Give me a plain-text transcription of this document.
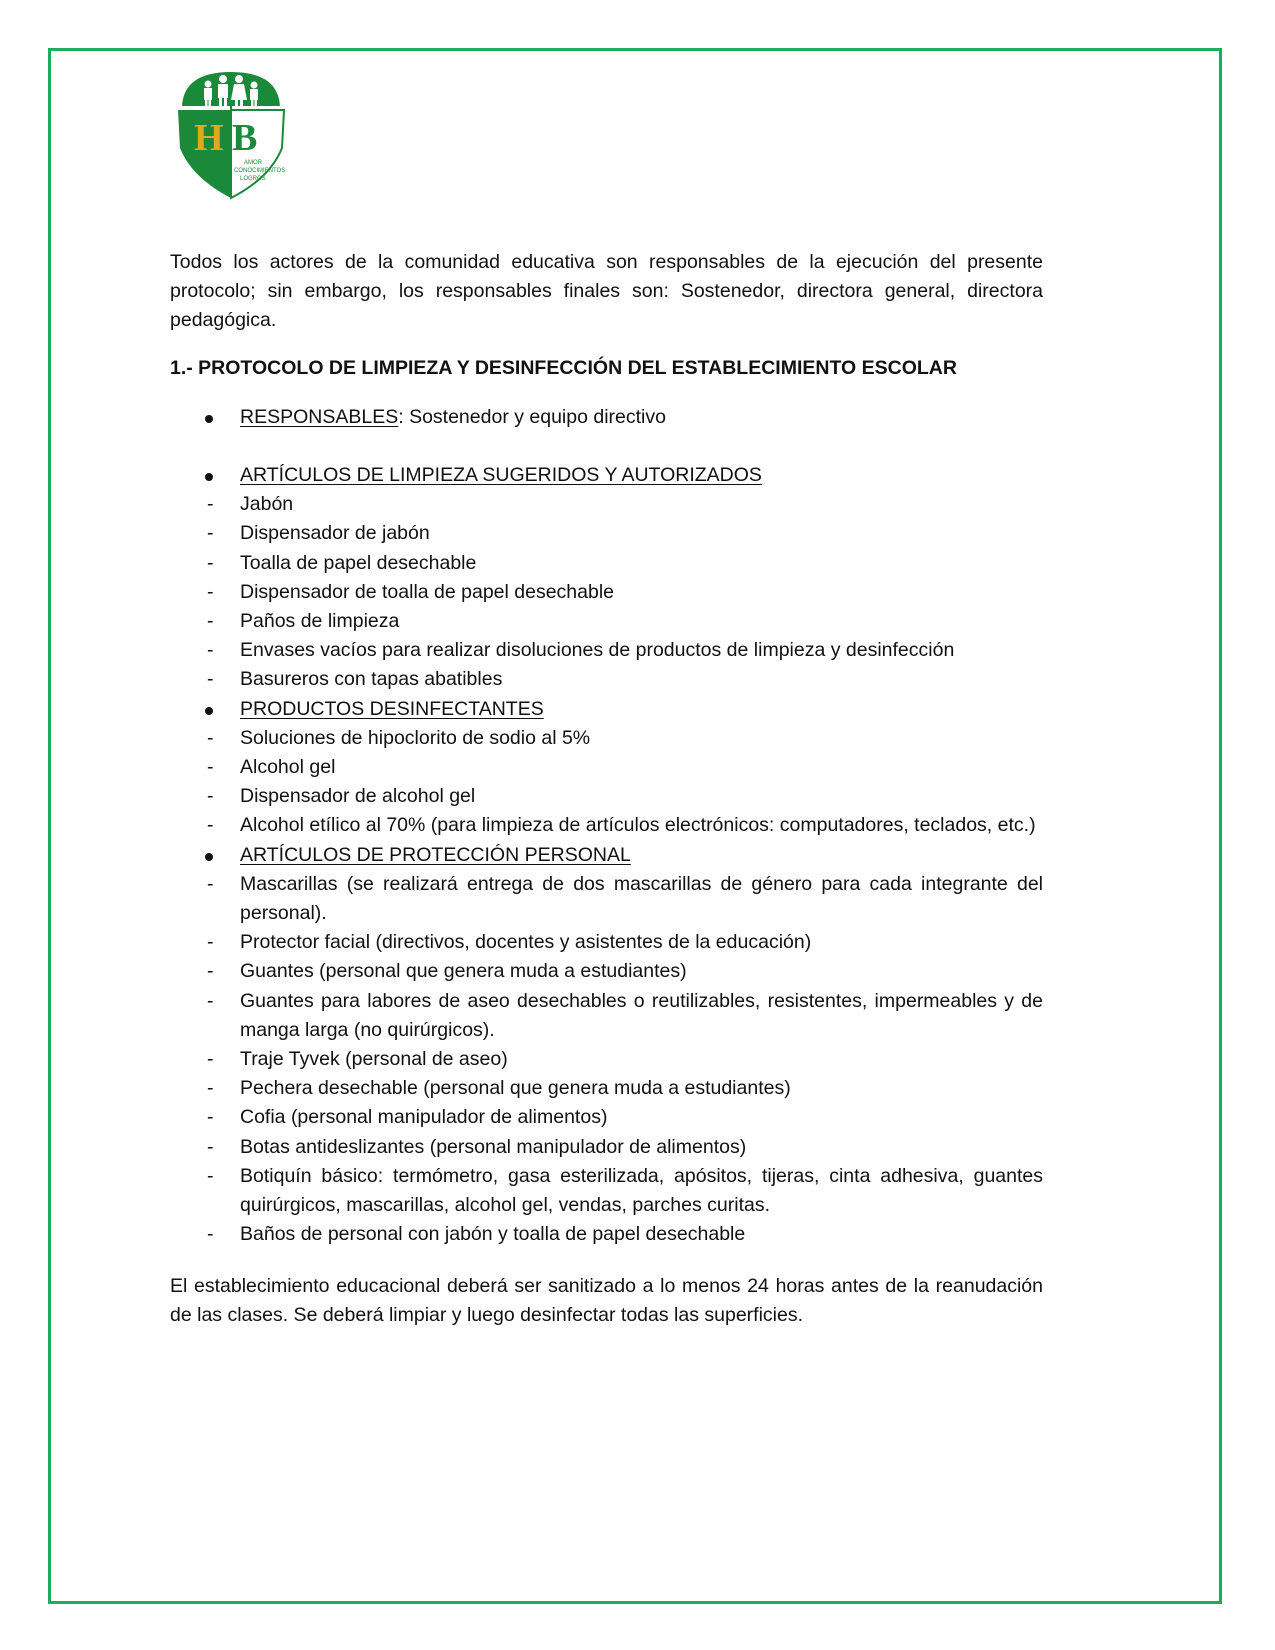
H B
AMOR
CONOCIMIENTOS
LOGROS

Todos los actores de la comunidad educativa son responsables de la ejecución del presente protocolo; sin embargo, los responsables finales son: Sostenedor, directora general, directora pedagógica.

1.- PROTOCOLO DE LIMPIEZA Y DESINFECCIÓN DEL ESTABLECIMIENTO ESCOLAR

RESPONSABLES: Sostenedor y equipo directivo
ARTÍCULOS DE LIMPIEZA SUGERIDOS Y AUTORIZADOS
Jabón
Dispensador de jabón
Toalla de papel desechable
Dispensador de toalla de papel desechable
Paños de limpieza
Envases vacíos para realizar disoluciones de productos de limpieza y desinfección
Basureros con tapas abatibles
PRODUCTOS DESINFECTANTES
Soluciones de hipoclorito de sodio al 5%
Alcohol gel
Dispensador de alcohol gel
Alcohol etílico al 70% (para limpieza de artículos electrónicos: computadores, teclados, etc.)
ARTÍCULOS DE PROTECCIÓN PERSONAL
Mascarillas (se realizará entrega de dos mascarillas de género para cada integrante del personal).
Protector facial (directivos, docentes y asistentes de la educación)
Guantes (personal que genera muda a estudiantes)
Guantes para labores de aseo desechables o reutilizables, resistentes, impermeables y de manga larga (no quirúrgicos).
Traje Tyvek (personal de aseo)
Pechera desechable (personal que genera muda a estudiantes)
Cofia (personal manipulador de alimentos)
Botas antideslizantes (personal manipulador de alimentos)
Botiquín básico: termómetro, gasa esterilizada, apósitos, tijeras, cinta adhesiva, guantes quirúrgicos, mascarillas, alcohol gel, vendas, parches curitas.
Baños de personal con jabón y toalla de papel desechable

El establecimiento educacional deberá ser sanitizado a lo menos 24 horas antes de la reanudación de las clases. Se deberá limpiar y luego desinfectar todas las superficies.
